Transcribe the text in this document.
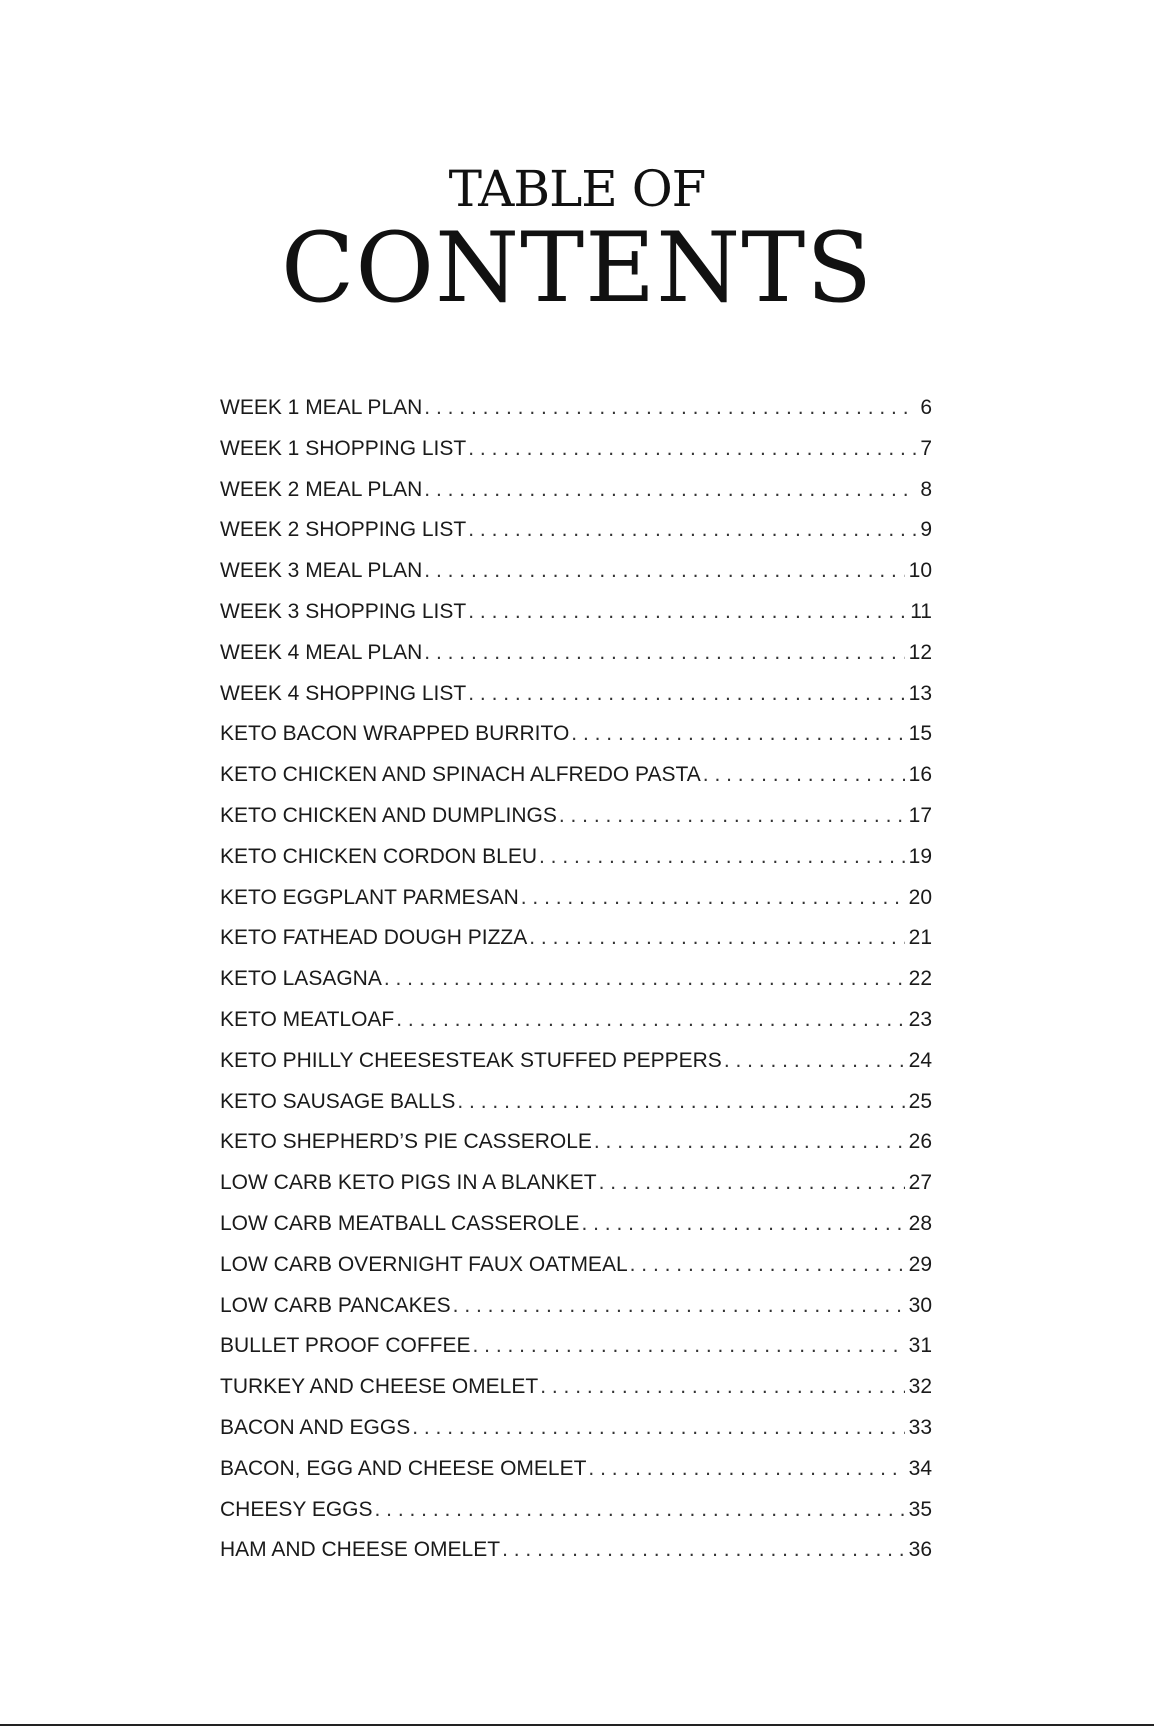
TABLE OF
CONTENTS
WEEK 1 MEAL PLAN . . .	6
WEEK 1 SHOPPING LIST . . .	7
WEEK 2 MEAL PLAN . . .	8
WEEK 2 SHOPPING LIST . . .	9
WEEK 3 MEAL PLAN . . .	10
WEEK 3 SHOPPING LIST . . .	11
WEEK 4 MEAL PLAN . . .	12
WEEK 4 SHOPPING LIST . . .	13
KETO BACON WRAPPED BURRITO . . .	15
KETO CHICKEN AND SPINACH ALFREDO PASTA . . .	16
KETO CHICKEN AND DUMPLINGS . . .	17
KETO CHICKEN CORDON BLEU . . .	19
KETO EGGPLANT PARMESAN . . .	20
KETO FATHEAD DOUGH PIZZA . . .	21
KETO LASAGNA . . .	22
KETO MEATLOAF . . .	23
KETO PHILLY CHEESESTEAK STUFFED PEPPERS . . .	24
KETO SAUSAGE BALLS . . .	25
KETO SHEPHERD’S PIE CASSEROLE . . .	26
LOW CARB KETO PIGS IN A BLANKET . . .	27
LOW CARB MEATBALL CASSEROLE . . .	28
LOW CARB OVERNIGHT FAUX OATMEAL . . .	29
LOW CARB PANCAKES . . .	30
BULLET PROOF COFFEE . . .	31
TURKEY AND CHEESE OMELET . . .	32
BACON AND EGGS . . .	33
BACON, EGG AND CHEESE OMELET . . .	34
CHEESY EGGS . . .	35
HAM AND CHEESE OMELET . . .	36
